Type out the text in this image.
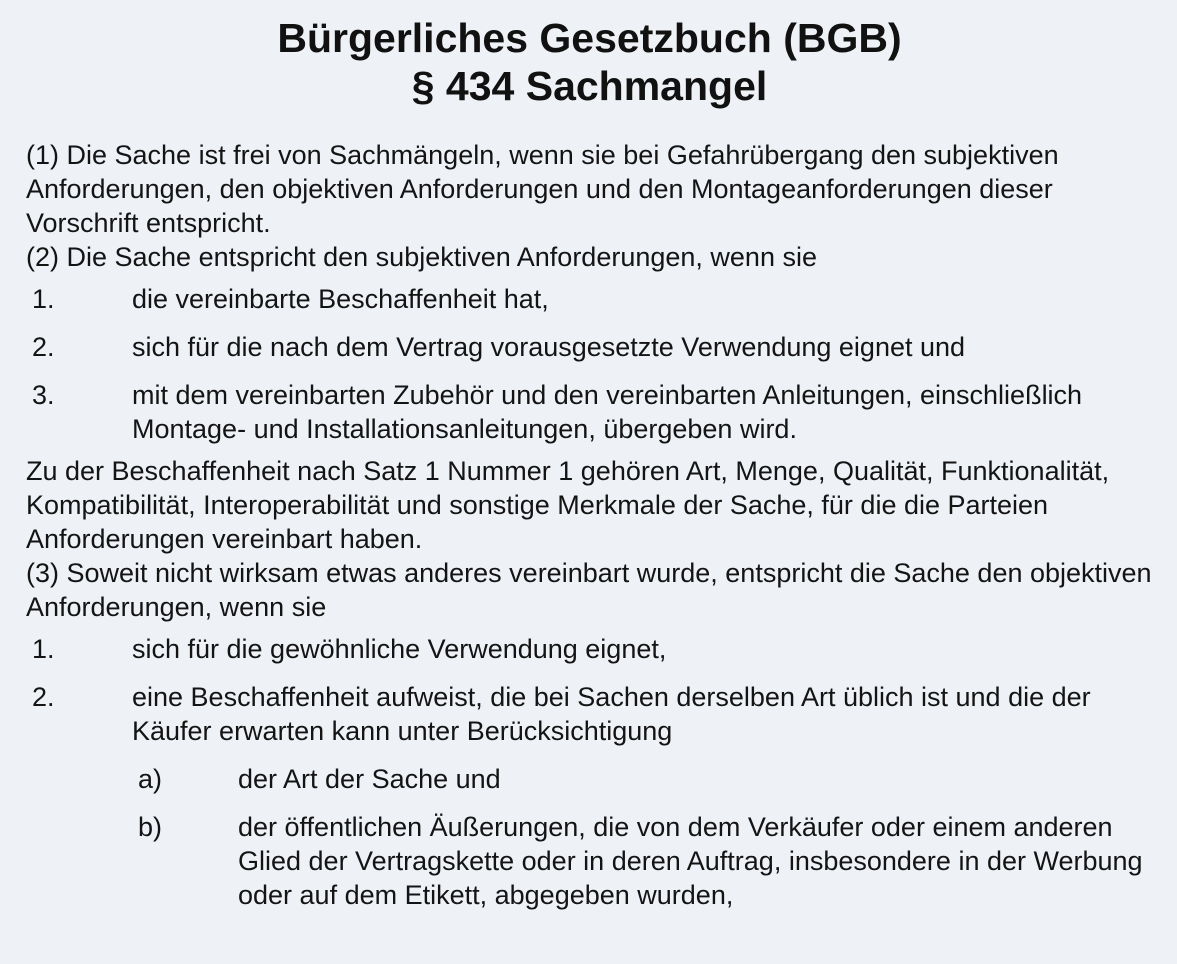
Bürgerliches Gesetzbuch (BGB)
§ 434 Sachmangel

(1) Die Sache ist frei von Sachmängeln, wenn sie bei Gefahrübergang den subjektiven Anforderungen, den objektiven Anforderungen und den Montageanforderungen dieser Vorschrift entspricht.

(2) Die Sache entspricht den subjektiven Anforderungen, wenn sie

1.	die vereinbarte Beschaffenheit hat,
2.	sich für die nach dem Vertrag vorausgesetzte Verwendung eignet und
3.	mit dem vereinbarten Zubehör und den vereinbarten Anleitungen, einschließlich Montage- und Installationsanleitungen, übergeben wird.

Zu der Beschaffenheit nach Satz 1 Nummer 1 gehören Art, Menge, Qualität, Funktionalität, Kompatibilität, Interoperabilität und sonstige Merkmale der Sache, für die die Parteien Anforderungen vereinbart haben.

(3) Soweit nicht wirksam etwas anderes vereinbart wurde, entspricht die Sache den objektiven Anforderungen, wenn sie

1.	sich für die gewöhnliche Verwendung eignet,
2.	eine Beschaffenheit aufweist, die bei Sachen derselben Art üblich ist und die der Käufer erwarten kann unter Berücksichtigung
a)	der Art der Sache und
b)	der öffentlichen Äußerungen, die von dem Verkäufer oder einem anderen Glied der Vertragskette oder in deren Auftrag, insbesondere in der Werbung oder auf dem Etikett, abgegeben wurden,
